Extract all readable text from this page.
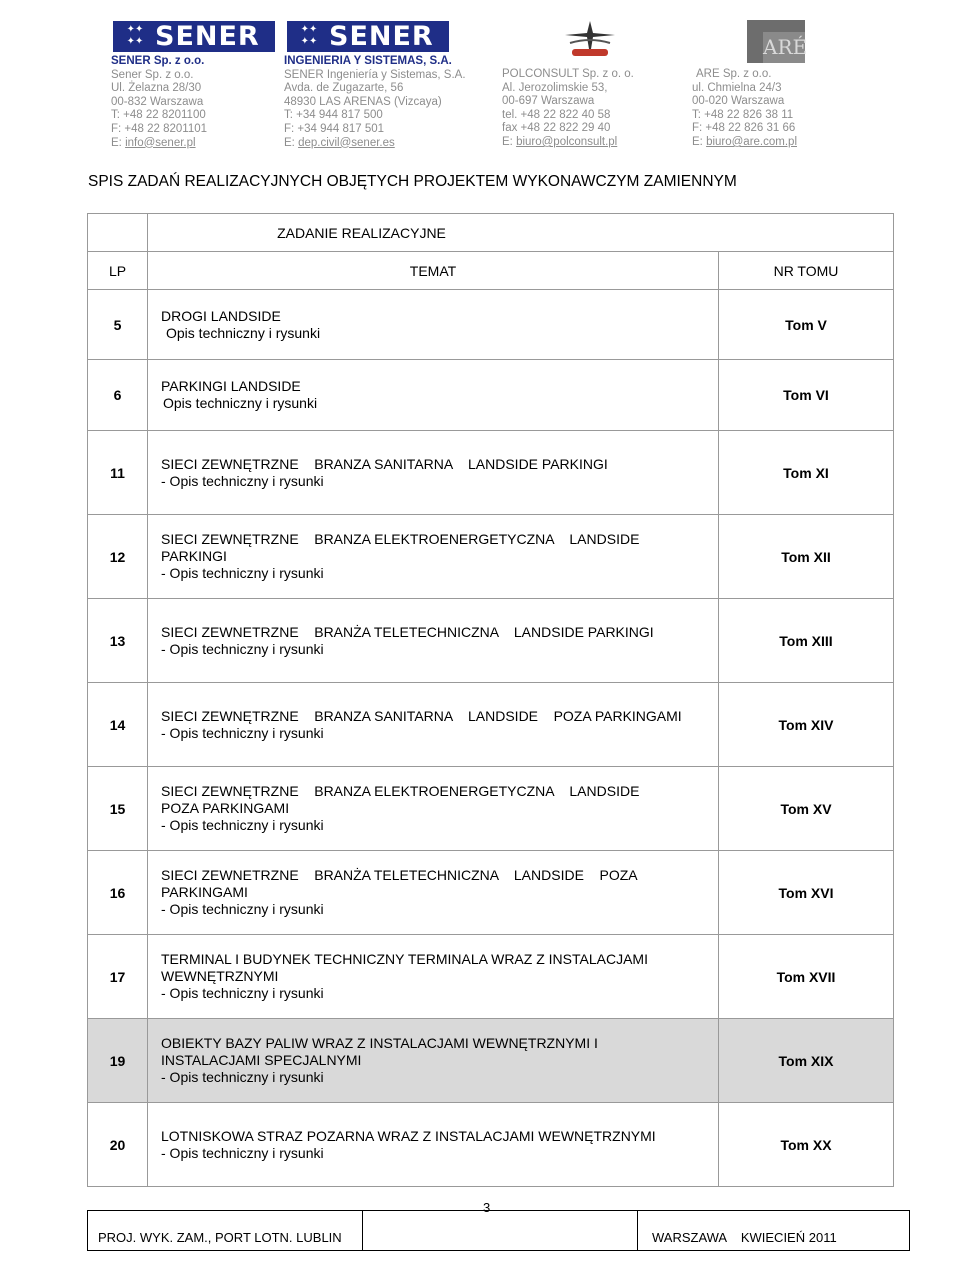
✦✦
✦✦ SENER	✦✦
✦✦ SENER	ARÉ
SENER Sp. z o.o.
Sener Sp. z o.o.
Ul. Żelazna 28/30
00-832 Warszawa
T: +48 22 8201100
F: +48 22 8201101
E: info@sener.pl
INGENIERIA Y SISTEMAS, S.A.
SENER Ingeniería y Sistemas, S.A.
Avda. de Zugazarte, 56
48930 LAS ARENAS (Vizcaya)
T: +34 944 817 500
F: +34 944 817 501
E: dep.civil@sener.es
POLCONSULT Sp. z o. o.
Al. Jerozolimskie 53,
00-697 Warszawa
tel. +48 22 822 40 58
fax +48 22 822 29 40
E: biuro@polconsult.pl
ARE Sp. z o.o.
ul. Chmielna 24/3
00-020 Warszawa
T: +48 22 826 38 11
F: +48 22 826 31 66
E: biuro@are.com.pl
SPIS ZADAŃ REALIZACYJNYCH OBJĘTYCH PROJEKTEM WYKONAWCZYM ZAMIENNYM
	ZADANIE REALIZACYJNE	
LP	TEMAT	NR TOMU
5	DROGI LANDSIDE
Opis techniczny i rysunki	Tom V
6	PARKINGI LANDSIDE
Opis techniczny i rysunki	Tom VI
11	SIECI ZEWNĘTRZNE    BRANZA SANITARNA    LANDSIDE PARKINGI
- Opis techniczny i rysunki	Tom XI
12	SIECI ZEWNĘTRZNE    BRANZA ELEKTROENERGETYCZNA    LANDSIDE
PARKINGI
- Opis techniczny i rysunki	Tom XII
13	SIECI ZEWNETRZNE    BRANŻA TELETECHNICZNA    LANDSIDE PARKINGI
- Opis techniczny i rysunki	Tom XIII
14	SIECI ZEWNĘTRZNE    BRANZA SANITARNA    LANDSIDE    POZA PARKINGAMI
- Opis techniczny i rysunki	Tom XIV
15	SIECI ZEWNĘTRZNE    BRANZA ELEKTROENERGETYCZNA    LANDSIDE
POZA PARKINGAMI
- Opis techniczny i rysunki	Tom XV
16	SIECI ZEWNETRZNE    BRANŻA TELETECHNICZNA    LANDSIDE    POZA
PARKINGAMI
- Opis techniczny i rysunki	Tom XVI
17	TERMINAL I BUDYNEK TECHNICZNY TERMINALA WRAZ Z INSTALACJAMI
WEWNĘTRZNYMI
- Opis techniczny i rysunki	Tom XVII
19	OBIEKTY BAZY PALIW WRAZ Z INSTALACJAMI WEWNĘTRZNYMI I
INSTALACJAMI SPECJALNYMI
- Opis techniczny i rysunki	Tom XIX
20	LOTNISKOWA STRAZ POZARNA WRAZ Z INSTALACJAMI WEWNĘTRZNYMI
- Opis techniczny i rysunki	Tom XX
3
PROJ. WYK. ZAM., PORT LOTN. LUBLIN		WARSZAWA    KWIECIEŃ 2011
